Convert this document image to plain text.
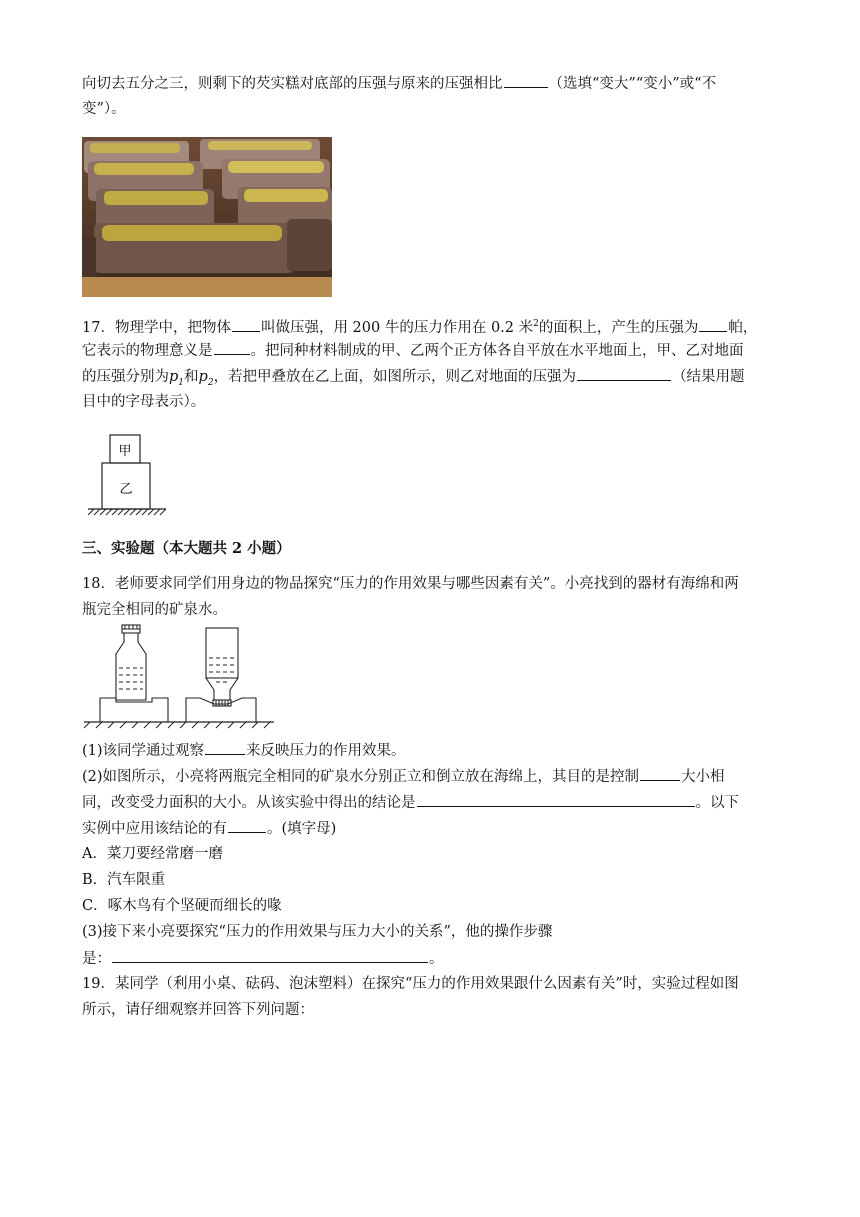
向切去五分之三，则剩下的芡实糕对底部的压强与原来的压强相比	（选填“变大”“变小”或“不
变”）。
17．物理学中，把物体 叫做压强，用 200 牛的压力作用在 0.2 米$^2$的面积上，产生的压强为 帕，
它表示的物理意义是	。把同种材料制成的甲、乙两个正方体各自平放在水平地面上，甲、乙对地面
的压强分别为$p_1$和$p_2$，若把甲叠放在乙上面，如图所示，则乙对地面的压强为	（结果用题
目中的字母表示）。
甲
乙
三、实验题（本大题共 2 小题）
18．老师要求同学们用身边的物品探究“压力的作用效果与哪些因素有关”。小亮找到的器材有海绵和两
瓶完全相同的矿泉水。
(1)该同学通过观察	来反映压力的作用效果。
(2)如图所示，小亮将两瓶完全相同的矿泉水分别正立和倒立放在海绵上，其目的是控制	大小相
同，改变受力面积的大小。从该实验中得出的结论是	。以下
实例中应用该结论的有	。(填字母)
A．菜刀要经常磨一磨
B．汽车限重
C．啄木鸟有个坚硬而细长的喙
(3)接下来小亮要探究“压力的作用效果与压力大小的关系”，他的操作步骤
是：	。
19．某同学（利用小桌、砝码、泡沫塑料）在探究“压力的作用效果跟什么因素有关”时，实验过程如图
所示，请仔细观察并回答下列问题：
